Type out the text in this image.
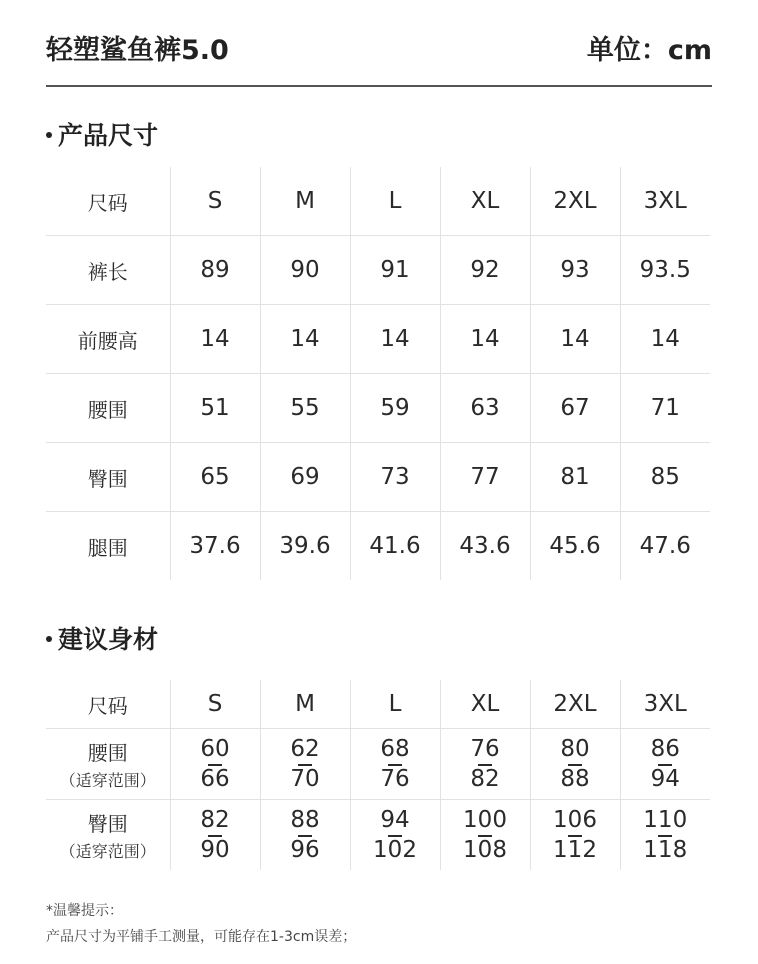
轻塑鲨鱼裤5.0	单位：cm
产品尺寸
尺码	S	M	L	XL	2XL	3XL
裤长	89	90	91	92	93	93.5
前腰高	14	14	14	14	14	14
腰围	51	55	59	63	67	71
臀围	65	69	73	77	81	85
腿围	37.6	39.6	41.6	43.6	45.6	47.6
建议身材
尺码	S	M	L	XL	2XL	3XL
腰围
（适穿范围）	$\frac{60}{66}$	$\frac{62}{70}$	$\frac{68}{76}$	$\frac{76}{82}$	$\frac{80}{88}$	$\frac{86}{94}$

臀围
（适穿范围）	$\frac{82}{90}$	$\frac{88}{96}$	$\frac{94}{102}$	$\frac{100}{108}$	$\frac{106}{112}$	$\frac{110}{118}$
*温馨提示：
产品尺寸为平铺手工测量，可能存在1-3cm误差；
